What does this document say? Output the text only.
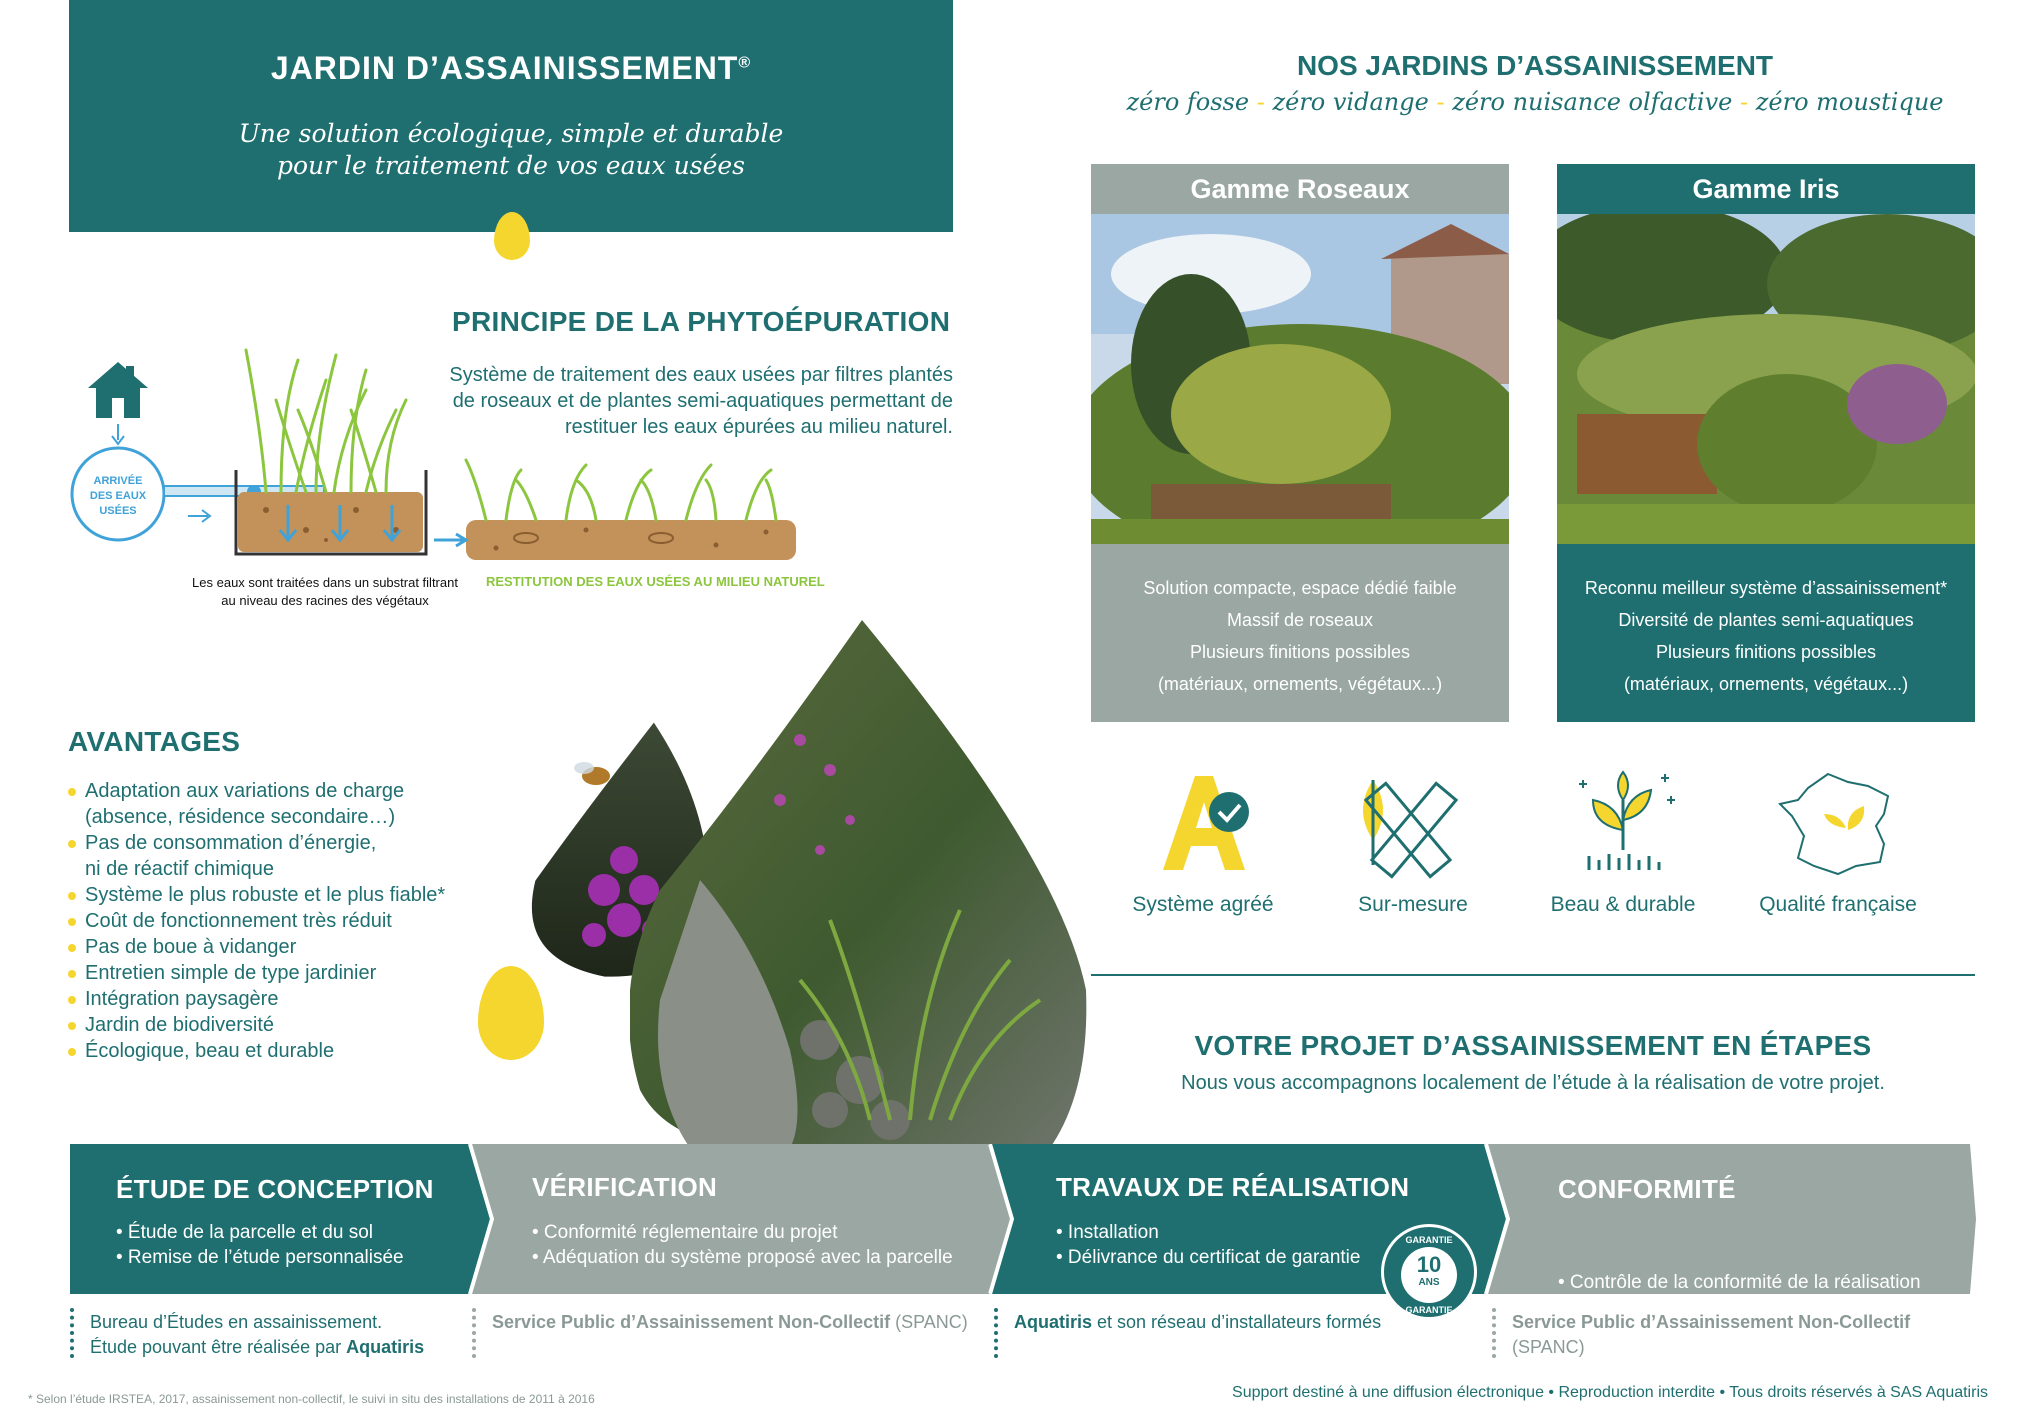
JARDIN D’ASSAINISSEMENT®
Une solution écologique, simple et durable
pour le traitement de vos eaux usées
PRINCIPE DE LA PHYTOÉPURATION
Système de traitement des eaux usées par filtres plantés
de roseaux et de plantes semi-aquatiques permettant de
restituer les eaux épurées au milieu naturel.
ARRIVÉE
DES EAUX
USÉES
Les eaux sont traitées dans un substrat filtrant
au niveau des racines des végétaux
RESTITUTION DES EAUX USÉES AU MILIEU NATUREL
AVANTAGES
Adaptation aux variations de charge
(absence, résidence secondaire…)
Pas de consommation d’énergie,
ni de réactif chimique
Système le plus robuste et le plus fiable*
Coût de fonctionnement très réduit
Pas de boue à vidanger
Entretien simple de type jardinier
Intégration paysagère
Jardin de biodiversité
Écologique, beau et durable
NOS JARDINS D’ASSAINISSEMENT
zéro fosse - zéro vidange - zéro nuisance olfactive - zéro moustique
Gamme Roseaux
Solution compacte, espace dédié faible
Massif de roseaux
Plusieurs finitions possibles
(matériaux, ornements, végétaux...)
Gamme Iris
Reconnu meilleur système d’assainissement*
Diversité de plantes semi-aquatiques
Plusieurs finitions possibles
(matériaux, ornements, végétaux...)
Système agréé	Sur-mesure	Beau & durable	Qualité française
VOTRE PROJET D’ASSAINISSEMENT EN ÉTAPES
Nous vous accompagnons localement de l’étude à la réalisation de votre projet.
ÉTUDE DE CONCEPTION
• Étude de la parcelle et du sol
• Remise de l’étude personnalisée
VÉRIFICATION
• Conformité réglementaire du projet
• Adéquation du système proposé avec la parcelle
TRAVAUX DE RÉALISATION
• Installation
• Délivrance du certificat de garantie
CONFORMITÉ

• Contrôle de la conformité de la réalisation

avec le projet

GARANTIE
10
ANS
GARANTIE
Bureau d’Études en assainissement.
Étude pouvant être réalisée par Aquatiris
Service Public d’Assainissement Non-Collectif (SPANC)	Aquatiris et son réseau d’installateurs formés	Service Public d’Assainissement Non-Collectif
(SPANC)
* Selon l’étude IRSTEA, 2017, assainissement non-collectif, le suivi in situ des installations de 2011 à 2016	Support destiné à une diffusion électronique • Reproduction interdite • Tous droits réservés à SAS Aquatiris
